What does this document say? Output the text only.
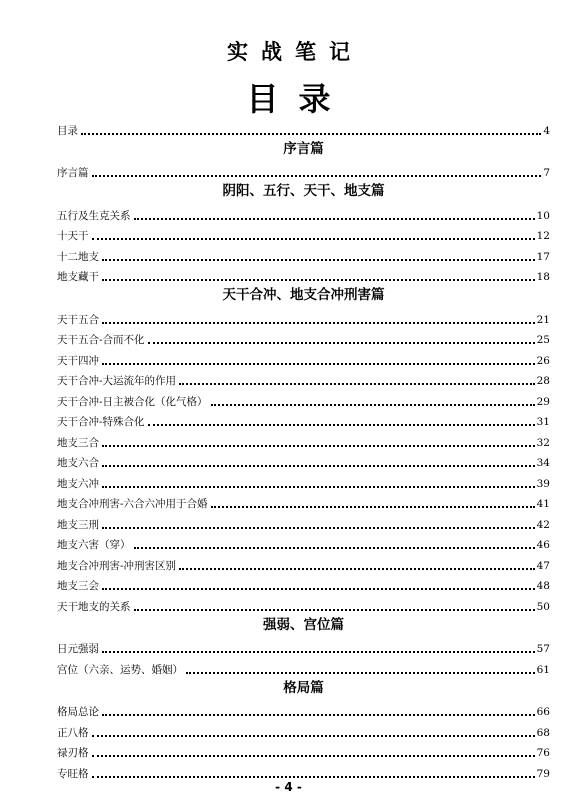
实战笔记
目录
目录	4
序言篇
序言篇	7
阴阳、五行、天干、地支篇
五行及生克关系	10
十天干	12
十二地支	17
地支藏干	18
天干合冲、地支合冲刑害篇
天干五合	21
天干五合-合而不化	25
天干四冲	26
天干合冲-大运流年的作用	28
天干合冲-日主被合化（化气格）	29
天干合冲-特殊合化	31
地支三合	32
地支六合	34
地支六冲	39
地支合冲刑害-六合六冲用于合婚	41
地支三刑	42
地支六害（穿）	46
地支合冲刑害-冲刑害区别	47
地支三会	48
天干地支的关系	50
强弱、宫位篇
日元强弱	57
宫位（六亲、运势、婚姻）	61
格局篇
格局总论	66
正八格	68
禄刃格	76
专旺格	79
- 4 -
